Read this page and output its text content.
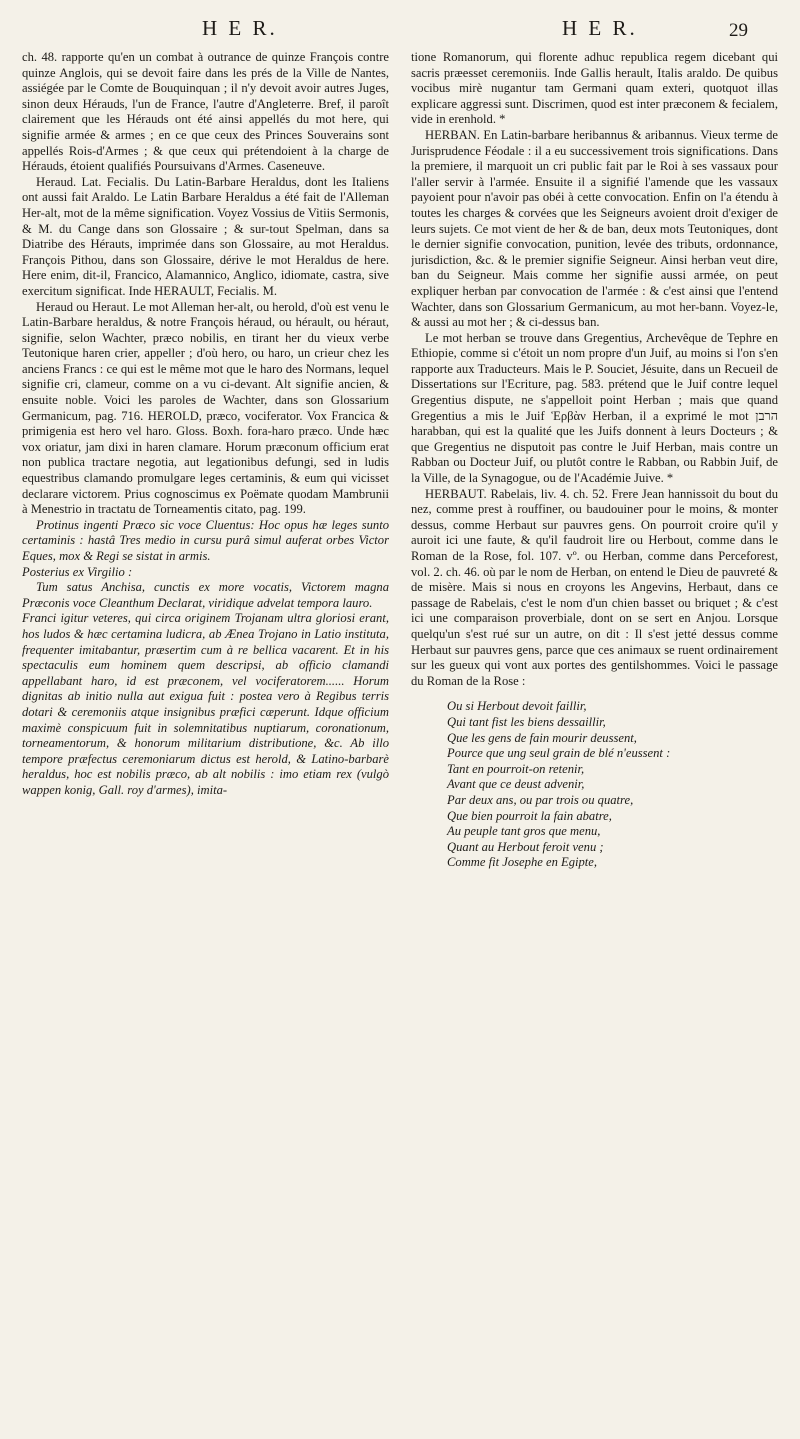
H E R.	H E R.	29

ch. 48. rapporte qu'en un combat à outrance de quinze François contre quinze Anglois, qui se devoit faire dans les prés de la Ville de Nantes, assiégée par le Comte de Bouquinquan ; il n'y devoit avoir autres Juges, sinon deux Hérauds, l'un de France, l'autre d'Angleterre. Bref, il paroît clairement que les Hérauds ont été ainsi appellés du mot here, qui signifie armée & armes ; en ce que ceux des Princes Souverains sont appellés Rois-d'Armes ; & que ceux qui prétendoient à la charge de Hérauds, étoient qualifiés Poursuivans d'Armes. Caseneuve.

Heraud. Lat. Fecialis. Du Latin-Barbare Heraldus, dont les Italiens ont aussi fait Araldo. Le Latin Barbare Heraldus a été fait de l'Alleman Her-alt, mot de la même signification. Voyez Vossius de Vitiis Sermonis, & M. du Cange dans son Glossaire ; & sur-tout Spelman, dans sa Diatribe des Hérauts, imprimée dans son Glossaire, au mot Heraldus. François Pithou, dans son Glossaire, dérive le mot Heraldus de here. Here enim, dit-il, Francico, Alamannico, Anglico, idiomate, castra, sive exercitum significat. Inde HERAULT, Fecialis. M.

Heraud ou Heraut. Le mot Alleman her-alt, ou herold, d'où est venu le Latin-Barbare heraldus, & notre François héraud, ou hérault, ou héraut, signifie, selon Wachter, præco nobilis, en tirant her du vieux verbe Teutonique haren crier, appeller ; d'où hero, ou haro, un crieur chez les anciens Francs : ce qui est le même mot que le haro des Normans, lequel signifie cri, clameur, comme on a vu ci-devant. Alt signifie ancien, & ensuite noble. Voici les paroles de Wachter, dans son Glossarium Germanicum, pag. 716. HEROLD, præco, vociferator. Vox Francica & primigenia est hero vel haro. Gloss. Boxh. fora-haro præco. Unde hæc vox oriatur, jam dixi in haren clamare. Horum præconum officium erat non publica tractare negotia, aut legationibus defungi, sed in ludis equestribus clamando promulgare leges certaminis, & eum qui vicisset declarare victorem. Prius cognoscimus ex Poëmate quodam Mambrunii à Menestrio in tractatu de Torneamentis citato, pag. 199.

Protinus ingenti Præco sic voce Cluentus: Hoc opus hæ leges sunto certaminis : hastâ Tres medio in cursu purâ simul auferat orbes Victor Eques, mox & Regi se sistat in armis.

Posterius ex Virgilio :

Tum satus Anchisa, cunctis ex more vocatis, Victorem magna Præconis voce Cleanthum Declarat, viridique advelat tempora lauro.

Franci igitur veteres, qui circa originem Trojanam ultra gloriosi erant, hos ludos & hæc certamina ludicra, ab Ænea Trojano in Latio instituta, frequenter imitabantur, præsertim cum à re bellica vacarent. Et in his spectaculis eum hominem quem descripsi, ab officio clamandi appellabant haro, id est præconem, vel vociferatorem...... Horum dignitas ab initio nulla aut exigua fuit : postea vero à Regibus terris dotari & ceremoniis atque insignibus præfici cæperunt. Idque officium maximè conspicuum fuit in solemnitatibus nuptiarum, coronationum, torneamentorum, & honorum militarium distributione, &c. Ab illo tempore præfectus ceremoniarum dictus est herold, & Latino-barbarè heraldus, hoc est nobilis præco, ab alt nobilis : imo etiam rex (vulgò wappen konig, Gall. roy d'armes), imita-

tione Romanorum, qui florente adhuc republica regem dicebant qui sacris præesset ceremoniis. Inde Gallis herault, Italis araldo. De quibus vocibus mirè nugantur tam Germani quam exteri, quotquot illas explicare aggressi sunt. Discrimen, quod est inter præconem & fecialem, vide in erenhold. *

HERBAN. En Latin-barbare heribannus & aribannus. Vieux terme de Jurisprudence Féodale : il a eu successivement trois significations. Dans la premiere, il marquoit un cri public fait par le Roi à ses vassaux pour l'aller servir à l'armée. Ensuite il a signifié l'amende que les vassaux payoient pour n'avoir pas obéi à cette convocation. Enfin on l'a étendu à toutes les charges & corvées que les Seigneurs avoient droit d'exiger de leurs sujets. Ce mot vient de her & de ban, deux mots Teutoniques, dont le dernier signifie convocation, punition, levée des tributs, ordonnance, jurisdiction, &c. & le premier signifie Seigneur. Ainsi herban veut dire, ban du Seigneur. Mais comme her signifie aussi armée, on peut expliquer herban par convocation de l'armée : & c'est ainsi que l'entend Wachter, dans son Glossarium Germanicum, au mot her-bann. Voyez-le, & aussi au mot her ; & ci-dessus ban.

Le mot herban se trouve dans Gregentius, Archevêque de Tephre en Ethiopie, comme si c'étoit un nom propre d'un Juif, au moins si l'on s'en rapporte aux Traducteurs. Mais le P. Souciet, Jésuite, dans un Recueil de Dissertations sur l'Ecriture, pag. 583. prétend que le Juif contre lequel Gregentius dispute, ne s'appelloit point Herban ; mais que quand Gregentius a mis le Juif Ἑρβὰν Herban, il a exprimé le mot הרבן harabban, qui est la qualité que les Juifs donnent à leurs Docteurs ; & que Gregentius ne disputoit pas contre le Juif Herban, mais contre un Rabban ou Docteur Juif, ou plutôt contre le Rabban, ou Rabbin Juif, de la Ville, de la Synagogue, ou de l'Académie Juive. *

HERBAUT. Rabelais, liv. 4. ch. 52. Frere Jean hannissoit du bout du nez, comme prest à rouffiner, ou baudouiner pour le moins, & monter dessus, comme Herbaut sur pauvres gens. On pourroit croire qu'il y auroit ici une faute, & qu'il faudroit lire ou Herbout, comme dans le Roman de la Rose, fol. 107. vº. ou Herban, comme dans Perceforest, vol. 2. ch. 46. où par le nom de Herban, on entend le Dieu de pauvreté & de misère. Mais si nous en croyons les Angevins, Herbaut, dans ce passage de Rabelais, c'est le nom d'un chien basset ou briquet ; & c'est ici une comparaison proverbiale, dont on se sert en Anjou. Lorsque quelqu'un s'est rué sur un autre, on dit : Il s'est jetté dessus comme Herbaut sur pauvres gens, parce que ces animaux se ruent ordinairement sur les gueux qui vont aux portes des gentilshommes. Voici le passage du Roman de la Rose :

Ou si Herbout devoit faillir,
Qui tant fist les biens dessaillir,
Que les gens de fain mourir deussent,
Pource que ung seul grain de blé n'eussent :
Tant en pourroit-on retenir,
Avant que ce deust advenir,
Par deux ans, ou par trois ou quatre,
Que bien pourroit la fain abatre,
Au peuple tant gros que menu,
Quant au Herbout feroit venu ;
Comme fit Josephe en Egipte,
